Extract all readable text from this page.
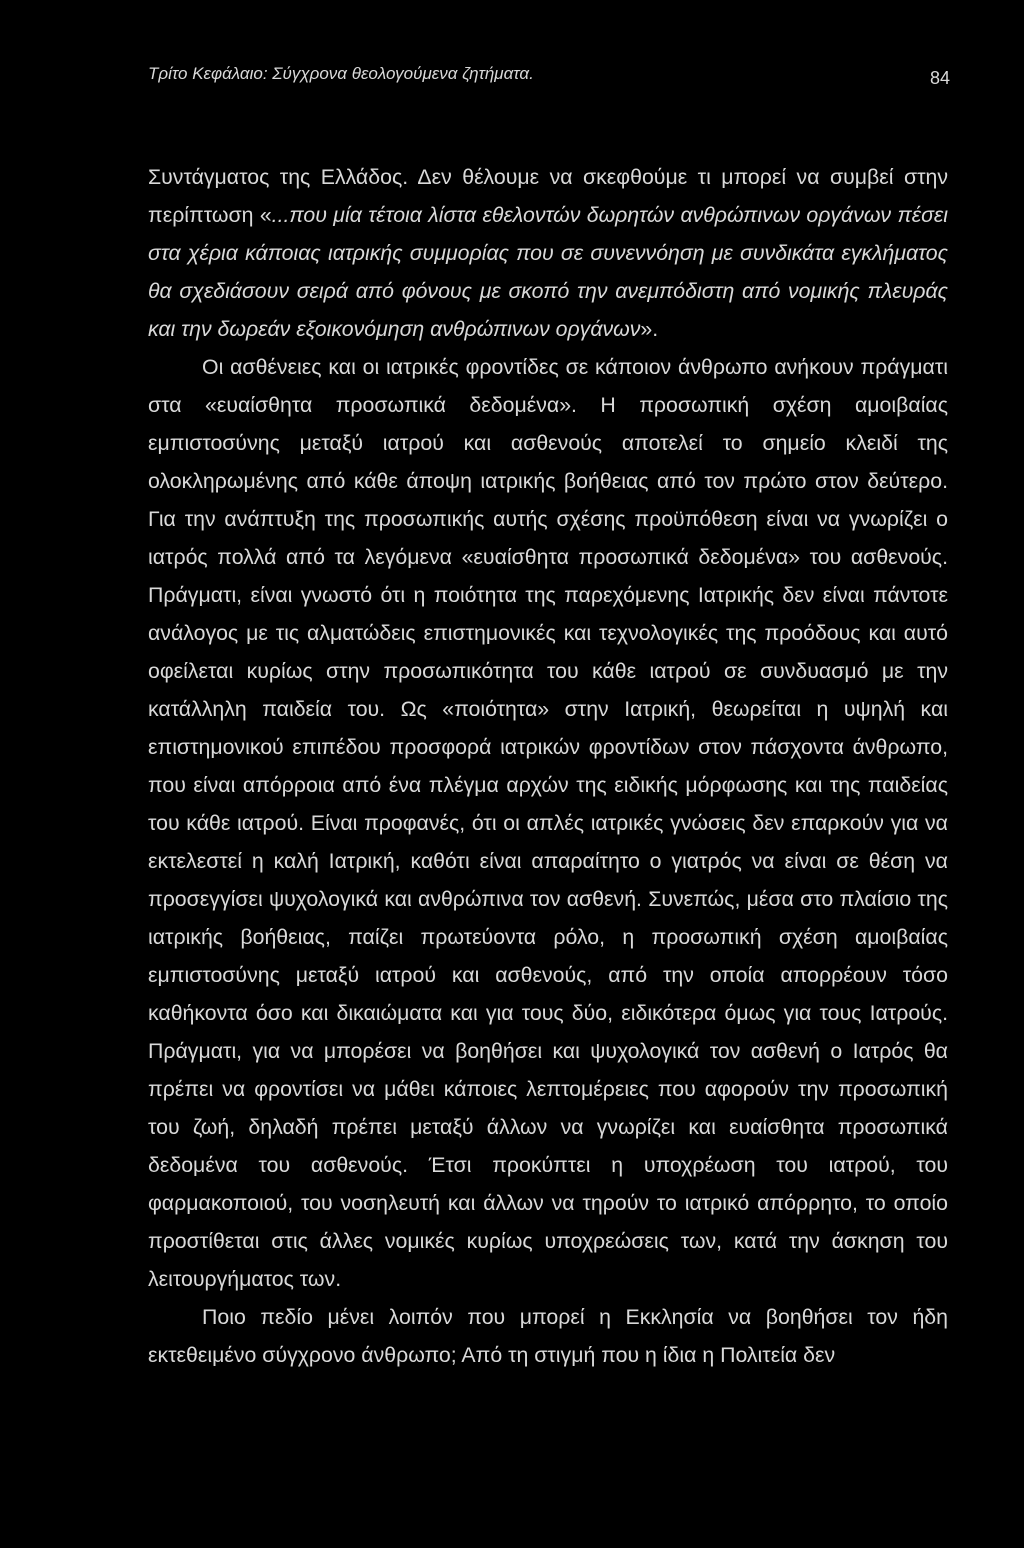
Τρίτο Κεφάλαιο: Σύγχρονα θεολογούμενα ζητήματα.	84

Συντάγματος της Ελλάδος. Δεν θέλουμε να σκεφθούμε τι μπορεί να συμβεί στην περίπτωση «...που μία τέτοια λίστα εθελοντών δωρητών ανθρώπινων οργάνων πέσει στα χέρια κάποιας ιατρικής συμμορίας που σε συνεννόηση με συνδικάτα εγκλήματος θα σχεδιάσουν σειρά από φόνους με σκοπό την ανεμπόδιστη από νομικής πλευράς και την δωρεάν εξοικονόμηση ανθρώπινων οργάνων».

Οι ασθένειες και οι ιατρικές φροντίδες σε κάποιον άνθρωπο ανήκουν πράγματι στα «ευαίσθητα προσωπικά δεδομένα». Η προσωπική σχέση αμοιβαίας εμπιστοσύνης μεταξύ ιατρού και ασθενούς αποτελεί το σημείο κλειδί της ολοκληρωμένης από κάθε άποψη ιατρικής βοήθειας από τον πρώτο στον δεύτερο. Για την ανάπτυξη της προσωπικής αυτής σχέσης προϋπόθεση είναι να γνωρίζει ο ιατρός πολλά από τα λεγόμενα «ευαίσθητα προσωπικά δεδομένα» του ασθενούς. Πράγματι, είναι γνωστό ότι η ποιότητα της παρεχόμενης Ιατρικής δεν είναι πάντοτε ανάλογος με τις αλματώδεις επιστημονικές και τεχνολογικές της προόδους και αυτό οφείλεται κυρίως στην προσωπικότητα του κάθε ιατρού σε συνδυασμό με την κατάλληλη παιδεία του. Ως «ποιότητα» στην Ιατρική, θεωρείται η υψηλή και επιστημονικού επιπέδου προσφορά ιατρικών φροντίδων στον πάσχοντα άνθρωπο, που είναι απόρροια από ένα πλέγμα αρχών της ειδικής μόρφωσης και της παιδείας του κάθε ιατρού. Είναι προφανές, ότι οι απλές ιατρικές γνώσεις δεν επαρκούν για να εκτελεστεί η καλή Ιατρική, καθότι είναι απαραίτητο ο γιατρός να είναι σε θέση να προσεγγίσει ψυχολογικά και ανθρώπινα τον ασθενή. Συνεπώς, μέσα στο πλαίσιο της ιατρικής βοήθειας, παίζει πρωτεύοντα ρόλο, η προσωπική σχέση αμοιβαίας εμπιστοσύνης μεταξύ ιατρού και ασθενούς, από την οποία απορρέουν τόσο καθήκοντα όσο και δικαιώματα και για τους δύο, ειδικότερα όμως για τους Ιατρούς. Πράγματι, για να μπορέσει να βοηθήσει και ψυχολογικά τον ασθενή ο Ιατρός θα πρέπει να φροντίσει να μάθει κάποιες λεπτομέρειες που αφορούν την προσωπική του ζωή, δηλαδή πρέπει μεταξύ άλλων να γνωρίζει και ευαίσθητα προσωπικά δεδομένα του ασθενούς. Έτσι προκύπτει η υποχρέωση του ιατρού, του φαρμακοποιού, του νοσηλευτή και άλλων να τηρούν το ιατρικό απόρρητο, το οποίο προστίθεται στις άλλες νομικές κυρίως υποχρεώσεις των, κατά την άσκηση του λειτουργήματος των.

Ποιο πεδίο μένει λοιπόν που μπορεί η Εκκλησία να βοηθήσει τον ήδη εκτεθειμένο σύγχρονο άνθρωπο; Από τη στιγμή που η ίδια η Πολιτεία δεν
